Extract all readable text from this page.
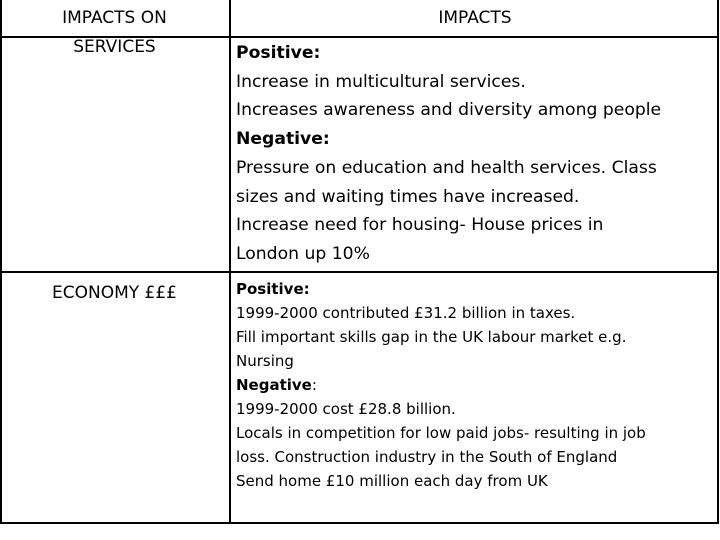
IMPACTS ON
SERVICES
IMPACTS
Positive:
Increase in multicultural services.
Increases awareness and diversity among people
Negative:
Pressure on education and health services. Class
sizes and waiting times have increased.
Increase need for housing- House prices in
London up 10%
ECONOMY £££	Positive:
1999-2000 contributed £31.2 billion in taxes.
Fill important skills gap in the UK labour market e.g.
Nursing
Negative:
1999-2000 cost £28.8 billion.
Locals in competition for low paid jobs- resulting in job
loss. Construction industry in the South of England
Send home £10 million each day from UK
